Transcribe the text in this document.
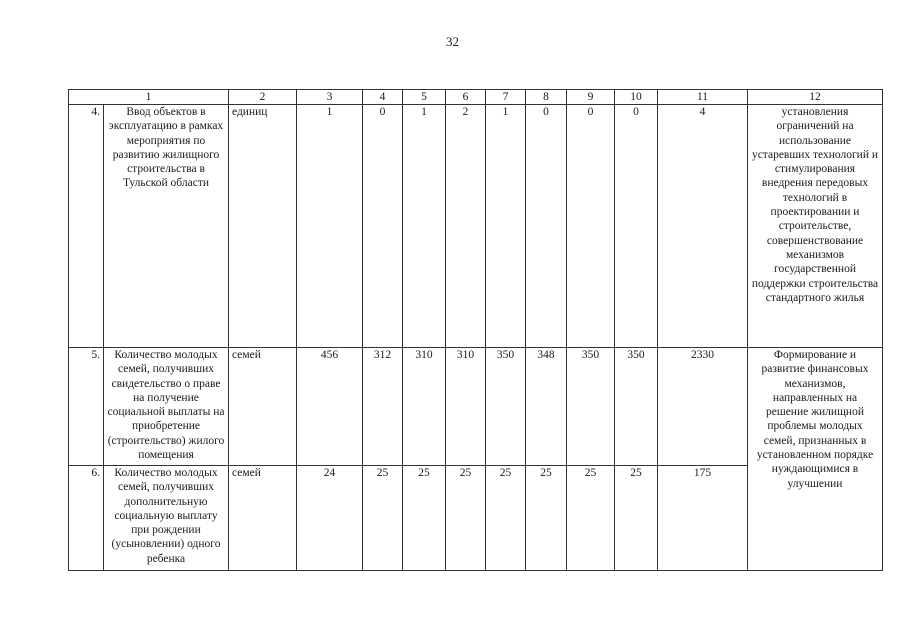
32
1		2	3	4	5	6	7	8	9	10	11	12
4.	Ввод объектов в эксплуатацию в рамках мероприятия по развитию жилищного строительства в Тульской области	единиц	1	0	1	2	1	0	0	0	4	установления ограничений на использование устаревших технологий и стимулирования внедрения передовых технологий в проектировании и строительстве, совершенствование механизмов государственной поддержки строительства стандартного жилья
5.	Количество молодых семей, получивших свидетельство о праве на получение социальной выплаты на приобретение (строительство) жилого помещения	семей	456	312	310	310	350	348	350	350	2330	Формирование и развитие финансовых механизмов, направленных на решение жилищной проблемы молодых семей, признанных в установленном порядке нуждающимися в улучшении
6.	Количество молодых семей, получивших дополнительную социальную выплату при рождении (усыновлении) одного ребенка	семей	24	25	25	25	25	25	25	25	175	
